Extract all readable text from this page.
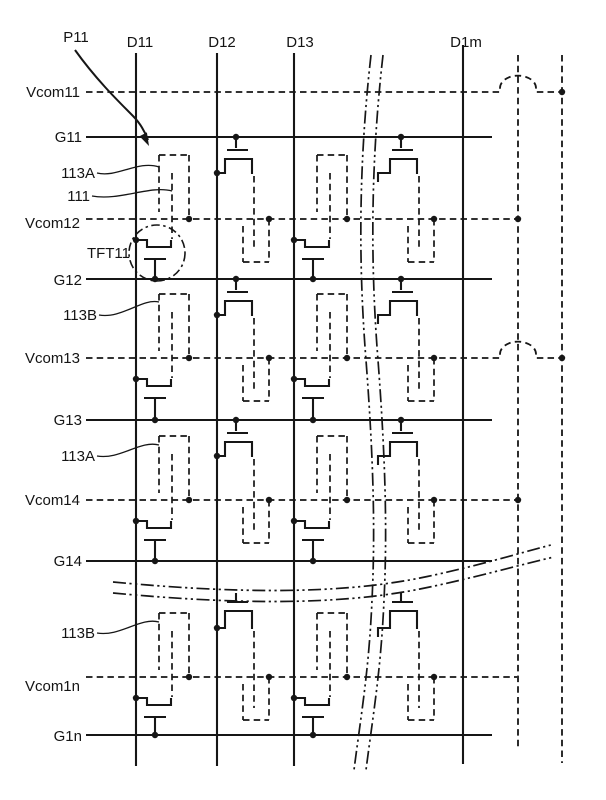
P11	D11	D12	D13	D1m
Vcom11
G11
113A
111
Vcom12
TFT11
G12
113B
Vcom13
G13
113A
Vcom14
G14
113B
Vcom1n
G1n
